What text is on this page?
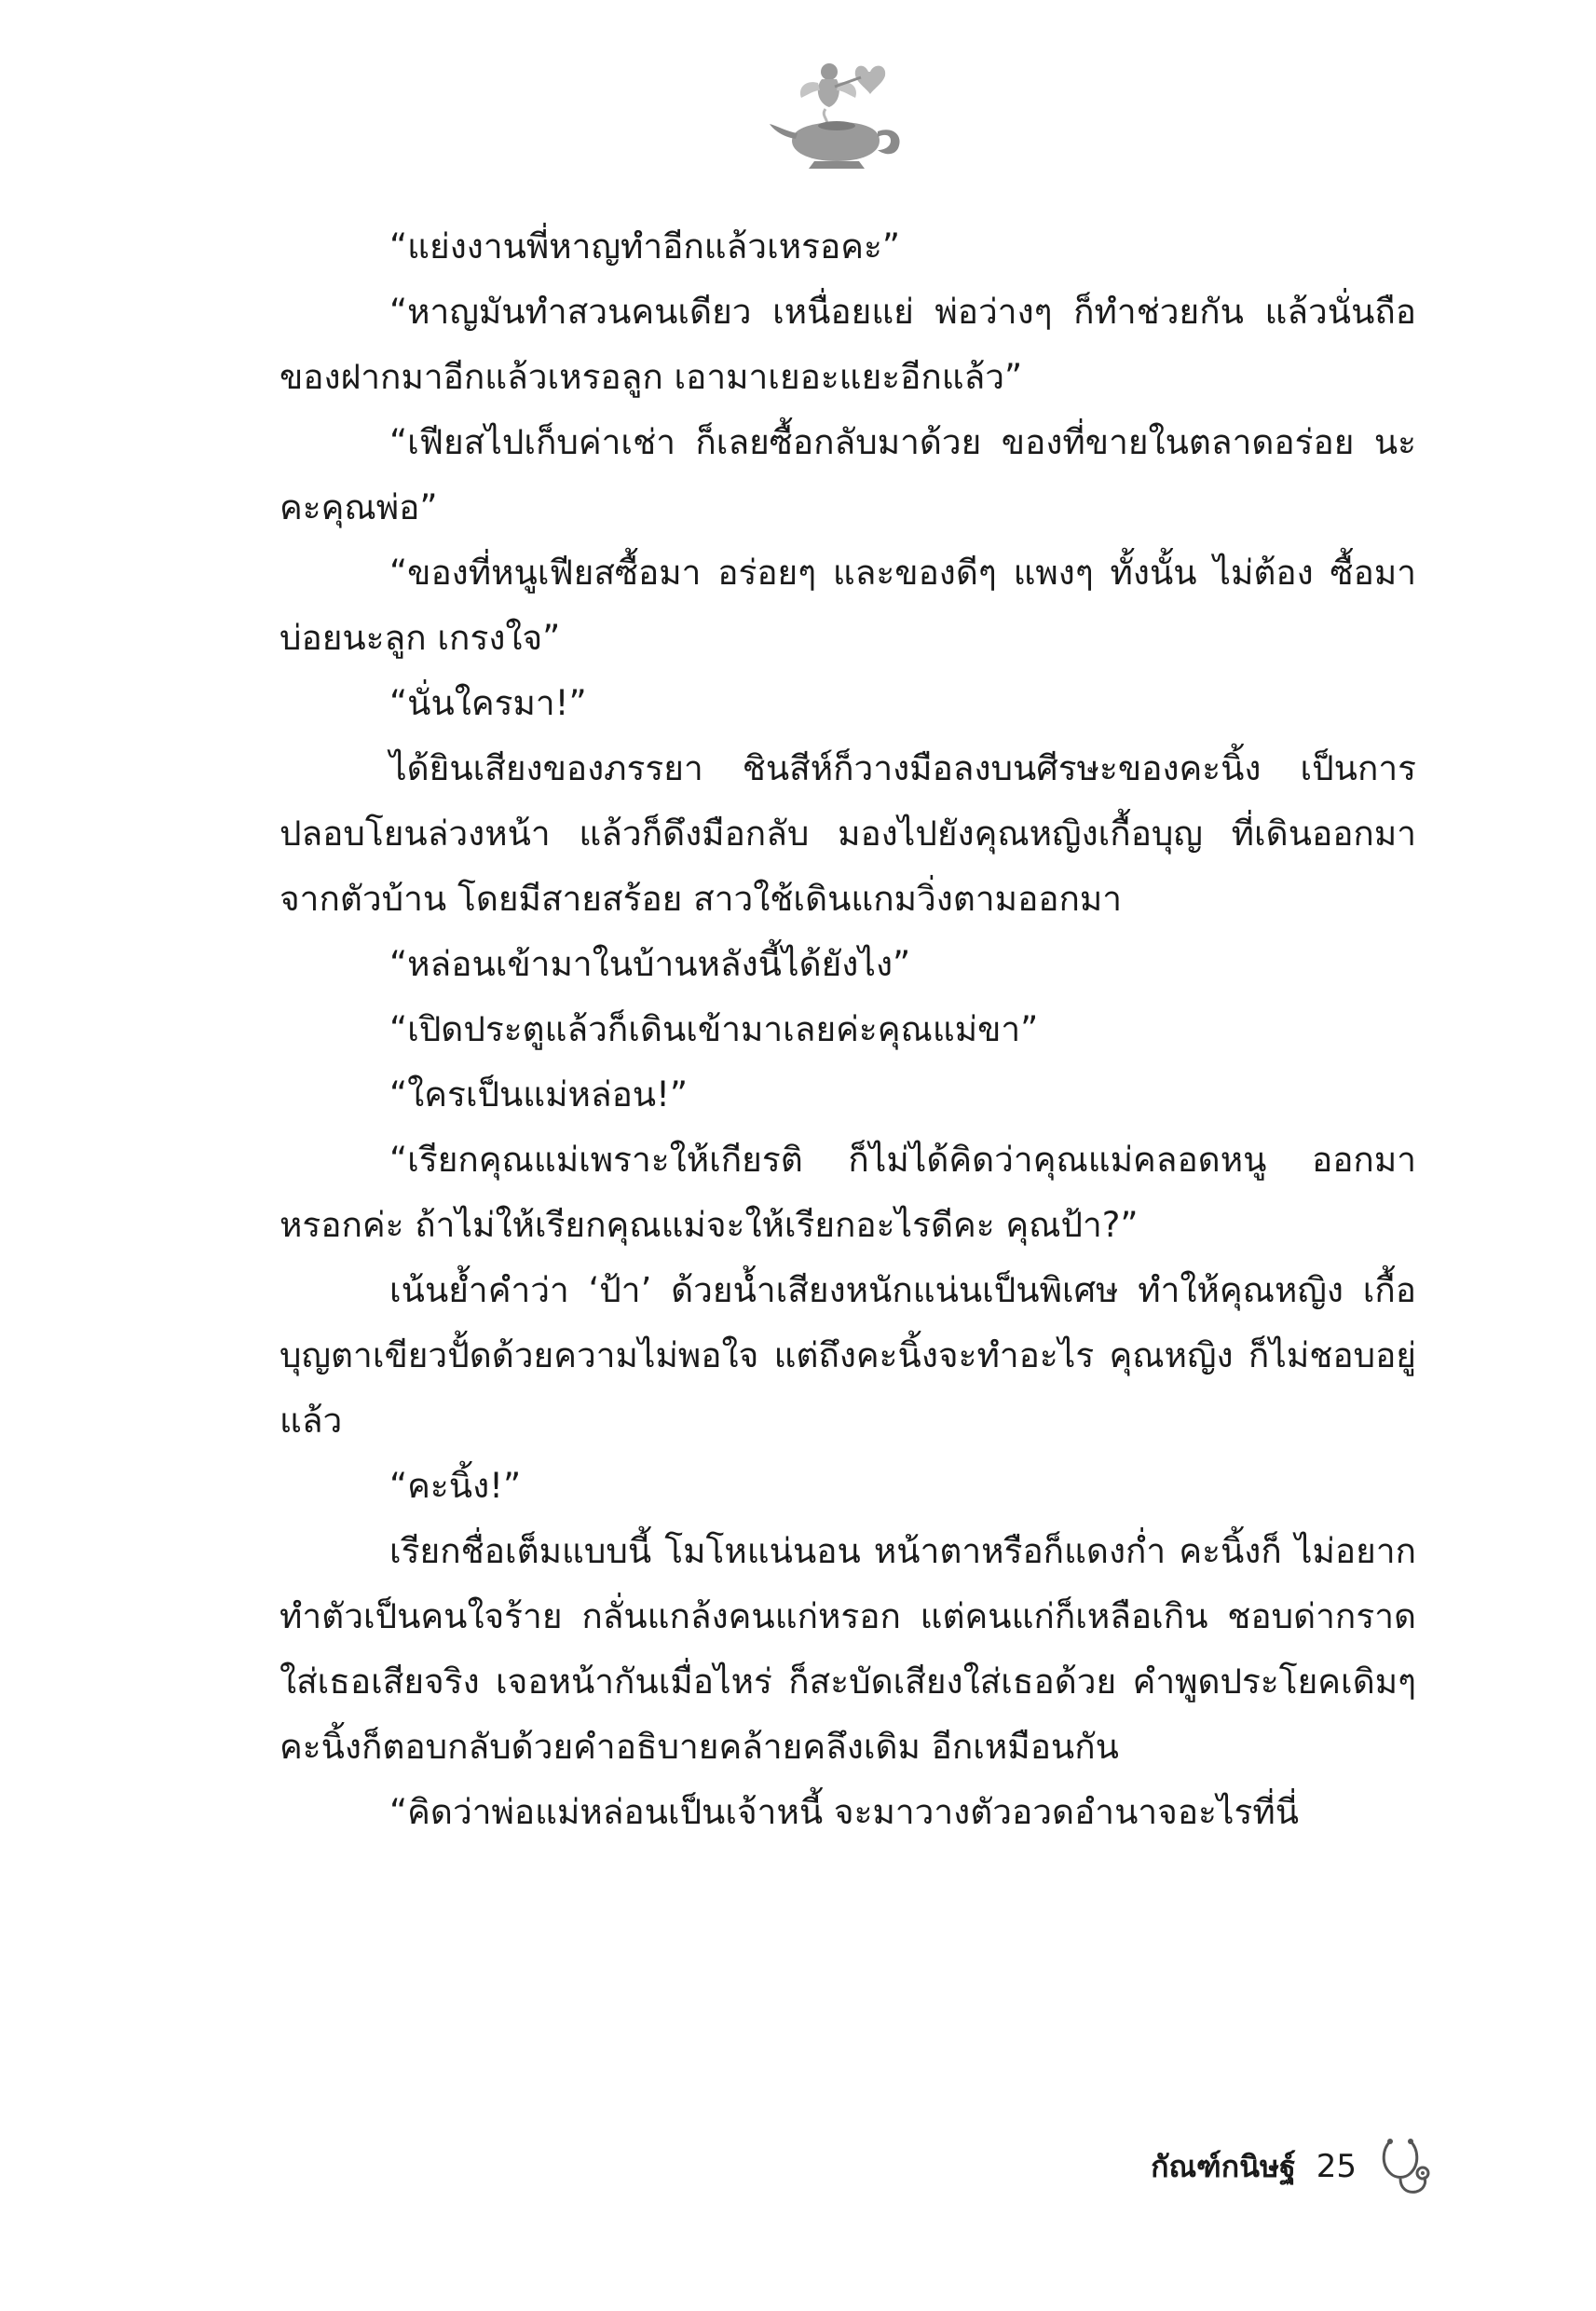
“แย่งงานพี่หาญทำอีกแล้วเหรอคะ”

“หาญมันทำสวนคนเดียว เหนื่อยแย่ พ่อว่างๆ ก็ทำช่วยกัน แล้วนั่นถือของฝากมาอีกแล้วเหรอลูก เอามาเยอะแยะอีกแล้ว”

“เฟียสไปเก็บค่าเช่า ก็เลยซื้อกลับมาด้วย ของที่ขายในตลาดอร่อย นะคะคุณพ่อ”

“ของที่หนูเฟียสซื้อมา อร่อยๆ และของดีๆ แพงๆ ทั้งนั้น ไม่ต้อง ซื้อมาบ่อยนะลูก เกรงใจ”

“นั่นใครมา!”

ได้ยินเสียงของภรรยา ชินสีห์ก็วางมือลงบนศีรษะของคะนิ้ง เป็นการปลอบโยนล่วงหน้า แล้วก็ดึงมือกลับ มองไปยังคุณหญิงเกื้อบุญ ที่เดินออกมาจากตัวบ้าน โดยมีสายสร้อย สาวใช้เดินแกมวิ่งตามออกมา

“หล่อนเข้ามาในบ้านหลังนี้ได้ยังไง”

“เปิดประตูแล้วก็เดินเข้ามาเลยค่ะคุณแม่ขา”

“ใครเป็นแม่หล่อน!”

“เรียกคุณแม่เพราะให้เกียรติ ก็ไม่ได้คิดว่าคุณแม่คลอดหนู ออกมาหรอกค่ะ ถ้าไม่ให้เรียกคุณแม่จะให้เรียกอะไรดีคะ คุณป้า?”

เน้นย้ำคำว่า ‘ป้า’ ด้วยน้ำเสียงหนักแน่นเป็นพิเศษ ทำให้คุณหญิง เกื้อบุญตาเขียวปั้ดด้วยความไม่พอใจ แต่ถึงคะนิ้งจะทำอะไร คุณหญิง ก็ไม่ชอบอยู่แล้ว

“คะนิ้ง!”

เรียกชื่อเต็มแบบนี้ โมโหแน่นอน หน้าตาหรือก็แดงก่ำ คะนิ้งก็ ไม่อยากทำตัวเป็นคนใจร้าย กลั่นแกล้งคนแก่หรอก แต่คนแก่ก็เหลือเกิน ชอบด่ากราดใส่เธอเสียจริง เจอหน้ากันเมื่อไหร่ ก็สะบัดเสียงใส่เธอด้วย คำพูดประโยคเดิมๆ คะนิ้งก็ตอบกลับด้วยคำอธิบายคล้ายคลึงเดิม อีกเหมือนกัน

“คิดว่าพ่อแม่หล่อนเป็นเจ้าหนี้ จะมาวางตัวอวดอำนาจอะไรที่นี่

กัณฑ์กนิษฐ์ 25
